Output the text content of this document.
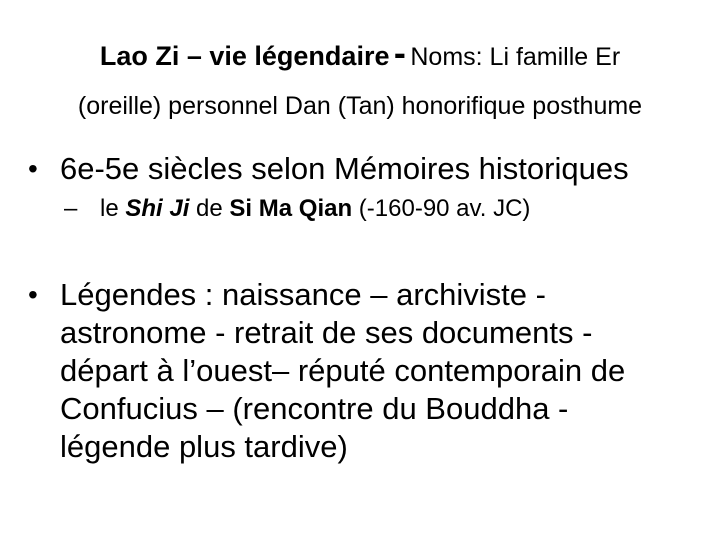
Lao Zi – vie légendaire - Noms: Li famille Er
(oreille) personnel Dan (Tan) honorifique posthume
• 6e-5e siècles selon Mémoires historiques
– le Shi Ji de Si Ma Qian (-160-90 av. JC)
• Légendes : naissance – archiviste -
astronome - retrait de ses documents -
départ à l’ouest– réputé contemporain de
Confucius – (rencontre du Bouddha -
légende plus tardive)
